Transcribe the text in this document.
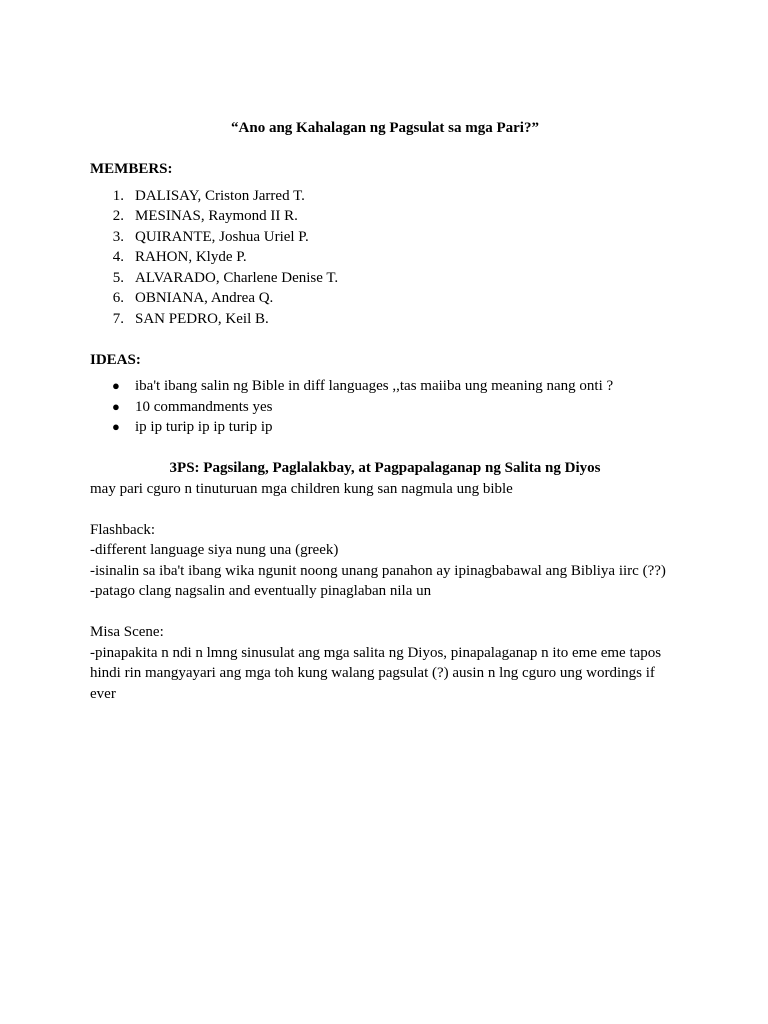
“Ano ang Kahalagan ng Pagsulat sa mga Pari?”

MEMBERS:

1. DALISAY, Criston Jarred T.
2. MESINAS, Raymond II R.
3. QUIRANTE, Joshua Uriel P.
4. RAHON, Klyde P.
5. ALVARADO, Charlene Denise T.
6. OBNIANA, Andrea Q.
7. SAN PEDRO, Keil B.

IDEAS:

● iba't ibang salin ng Bible in diff languages ,,tas maiiba ung meaning nang onti ?
● 10 commandments yes
● ip ip turip ip ip turip ip

3PS: Pagsilang, Paglalakbay, at Pagpapalaganap ng Salita ng Diyos

may pari cguro n tinuturuan mga children kung san nagmula ung bible

Flashback:

-different language siya nung una (greek)

-isinalin sa iba't ibang wika ngunit noong unang panahon ay ipinagbabawal ang Bibliya iirc (??)

-patago clang nagsalin and eventually pinaglaban nila un

Misa Scene:

-pinapakita n ndi n lmng sinusulat ang mga salita ng Diyos, pinapalaganap n ito eme eme tapos hindi rin mangyayari ang mga toh kung walang pagsulat (?) ausin n lng cguro ung wordings if ever
